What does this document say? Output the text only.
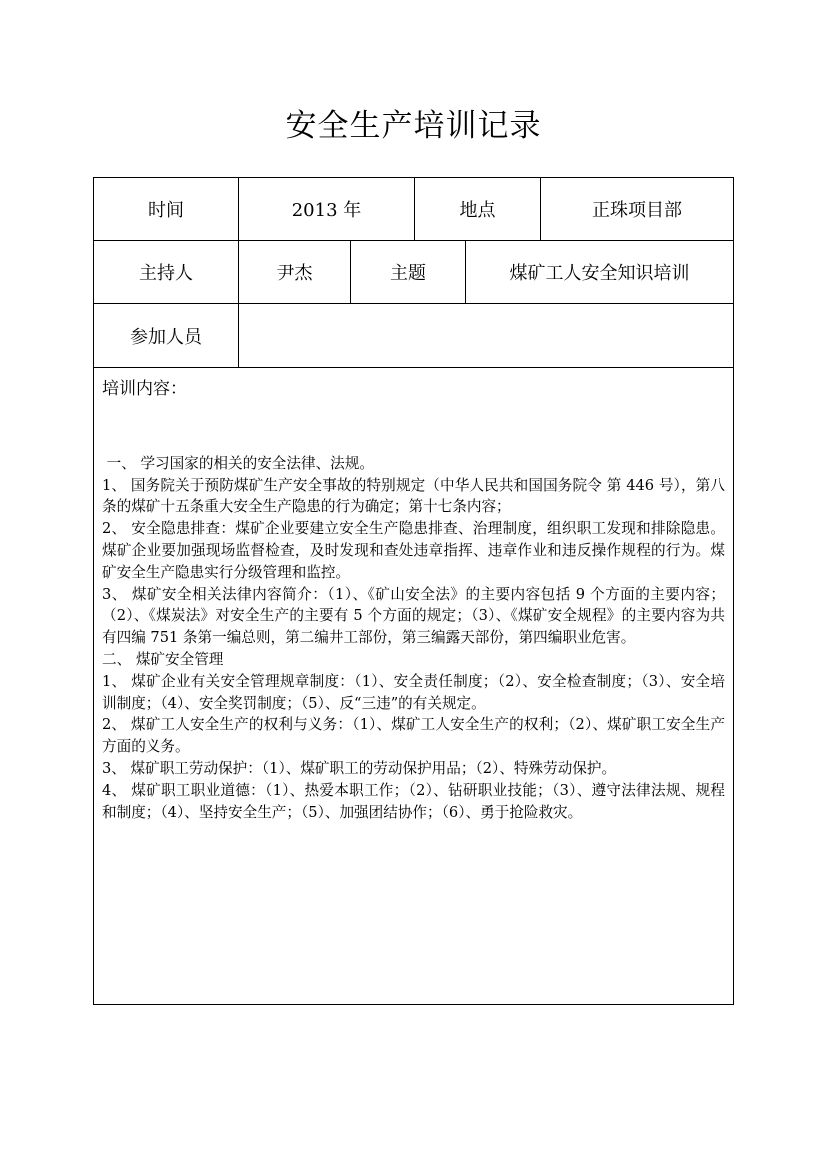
安全生产培训记录
时间	2013 年	地点	正珠项目部
主持人	尹杰	主题	煤矿工人安全知识培训
参加人员
培训内容：

一、 学习国家的相关的安全法律、法规。

1、 国务院关于预防煤矿生产安全事故的特别规定（中华人民共和国国务院令 第 446 号），第八条的煤矿十五条重大安全生产隐患的行为确定；第十七条内容；

2、 安全隐患排查：煤矿企业要建立安全生产隐患排查、治理制度，组织职工发现和排除隐患。煤矿企业要加强现场监督检查，及时发现和查处违章指挥、违章作业和违反操作规程的行为。煤矿安全生产隐患实行分级管理和监控。

3、 煤矿安全相关法律内容简介：（1）、《矿山安全法》的主要内容包括 9 个方面的主要内容；（2）、《煤炭法》对安全生产的主要有 5 个方面的规定；（3）、《煤矿安全规程》的主要内容为共有四编 751 条第一编总则，第二编井工部份，第三编露天部份，第四编职业危害。

二、 煤矿安全管理

1、 煤矿企业有关安全管理规章制度：（1）、安全责任制度；（2）、安全检查制度；（3）、安全培训制度；（4）、安全奖罚制度；（5）、反“三违”的有关规定。

2、 煤矿工人安全生产的权利与义务：（1）、煤矿工人安全生产的权利；（2）、煤矿职工安全生产方面的义务。

3、 煤矿职工劳动保护：（1）、煤矿职工的劳动保护用品；（2）、特殊劳动保护。

4、 煤矿职工职业道德：（1）、热爱本职工作；（2）、钻研职业技能；（3）、遵守法律法规、规程和制度；（4）、坚持安全生产；（5）、加强团结协作；（6）、勇于抢险救灾。
